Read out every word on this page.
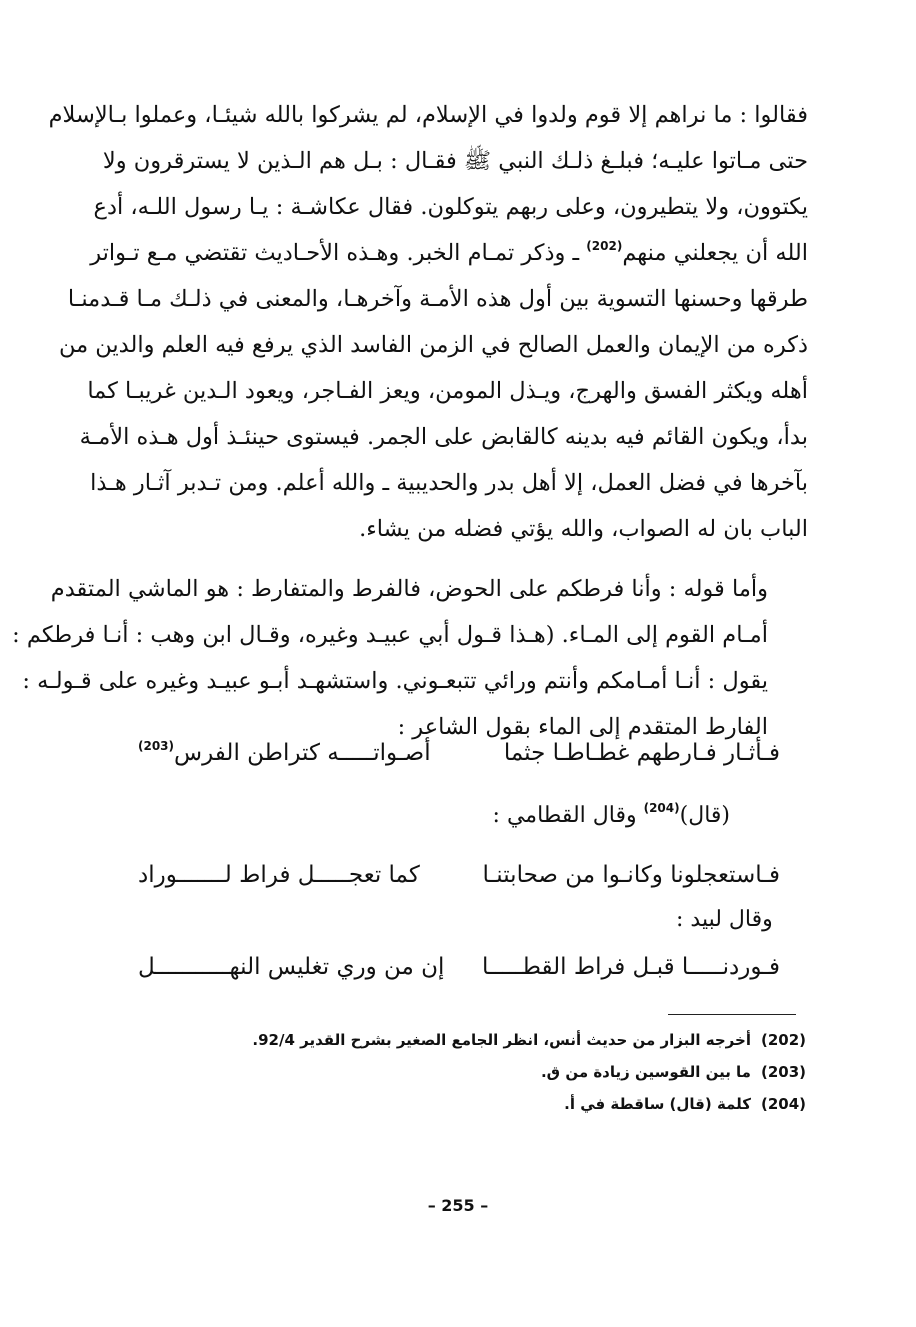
فقالوا : ما نراهم إلا قوم ولدوا في الإسلام، لم يشركوا بالله شيئـا، وعملوا بـالإسلام
حتى مـاتوا عليـه؛ فبلـغ ذلـك النبي ﷺ فقـال : بـل هم الـذين لا يسترقرون ولا
يكتوون، ولا يتطيرون، وعلى ربهم يتوكلون. فقال عكاشـة : يـا رسول اللـه، أدع
الله أن يجعلني منهم$^{(202)}$ ـ وذكر تمـام الخبر. وهـذه الأحـاديث تقتضي مـع تـواتر
طرقها وحسنها التسوية بين أول هذه الأمـة وآخرهـا، والمعنى في ذلـك مـا قـدمنـا
ذكره من الإيمان والعمل الصالح في الزمن الفاسد الذي يرفع فيه العلم والدين من
أهله ويكثر الفسق والهرج، ويـذل المومن، ويعز الفـاجر، ويعود الـدين غريبـا كما
بدأ، ويكون القائم فيه بدينه كالقابض على الجمر. فيستوى حينئـذ أول هـذه الأمـة
بآخرها في فضل العمل، إلا أهل بدر والحديبية ـ والله أعلم. ومن تـدبر آثـار هـذا
الباب بان له الصواب، والله يؤتي فضله من يشاء.

وأما قوله : وأنا فرطكم على الحوض، فالفرط والمتفارط : هو الماشي المتقدم
أمـام القوم إلى المـاء. (هـذا قـول أبي عبيـد وغيره، وقـال ابن وهب : أنـا فرطكم :
يقول : أنـا أمـامكم وأنتم ورائي تتبعـوني. واستشهـد أبـو عبيـد وغيره على قـولـه :
الفارط المتقدم إلى الماء بقول الشاعر :

فـأثـار فـارطهم غطـاطـا جثما
أصـواتـــــه كتراطن الفرس$^{(203)}$
(قال)$^{(204)}$ وقال القطامي :
فـاستعجلونا وكانـوا من صحابتنـا
كما تعجـــــل فراط لـــــــوراد
وقال لبيد :
فـوردنـــــا قبـل فراط القطـــــا
إن من وري تغليس النهـــــــــــل
(202)أخرجه البزار من حديث أنس، انظر الجامع الصغير بشرح القدير 92/4.
(203)ما بين القوسين زيادة من ق.
(204)كلمة (قال) ساقطة في أ.
– 255 –
